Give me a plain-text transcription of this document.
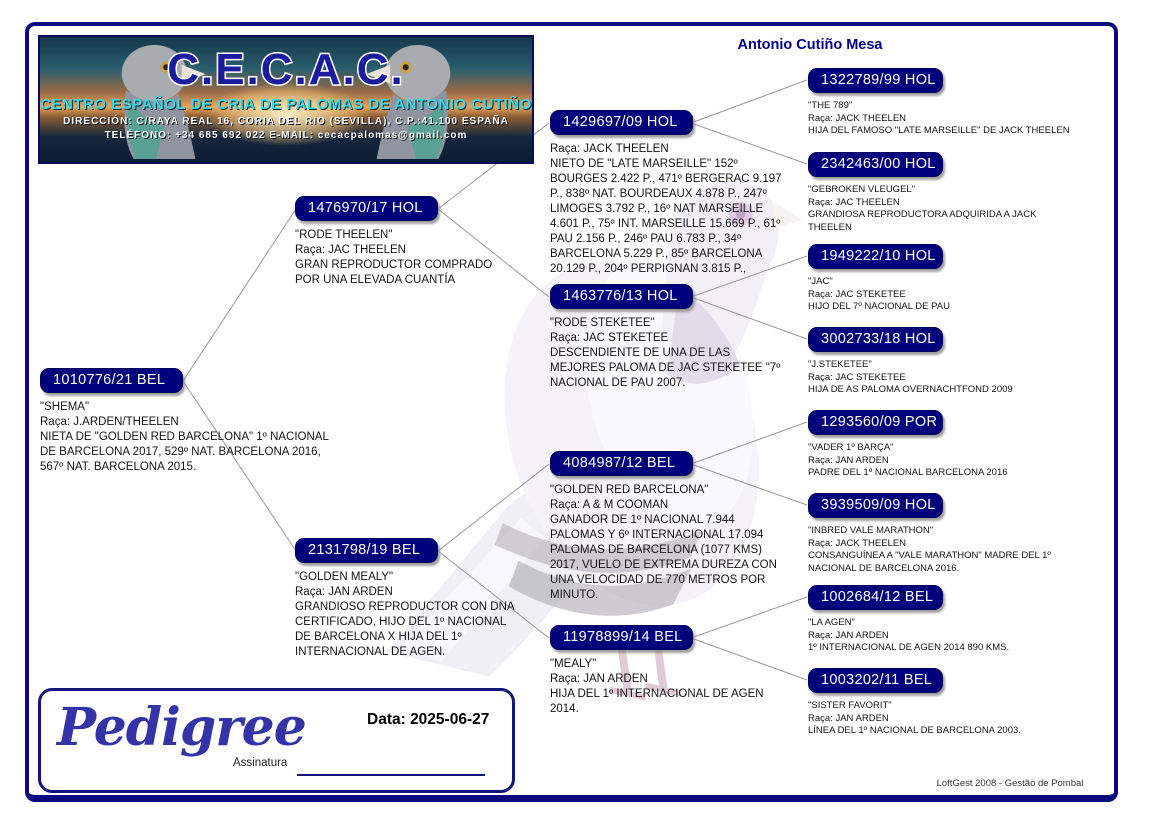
C.E.C.A.C.
CENTRO ESPAÑOL DE CRIA DE PALOMAS DE ANTONIO CUTIÑO
DIRECCIÓN: C/RAYA REAL 16, CORIA DEL RIO (SEVILLA), C.P.:41.100 ESPAÑA
TELÉFONO: +34 685 692 022 E-MAIL: cecacpalomas@gmail.com
Antonio Cutiño Mesa
1010776/21 BEL
"SHEMA"
Raça: J.ARDEN/THEELEN
NIETA DE "GOLDEN RED BARCELONA" 1º NACIONAL DE BARCELONA 2017, 529º NAT. BARCELONA 2016, 567º NAT. BARCELONA 2015.
1476970/17 HOL
"RODE THEELEN"
Raça: JAC THEELEN
GRAN REPRODUCTOR COMPRADO POR UNA ELEVADA CUANTÍA
2131798/19 BEL
"GOLDEN MEALY"
Raça: JAN ARDEN
GRANDIOSO REPRODUCTOR CON DNA CERTIFICADO, HIJO DEL 1º NACIONAL DE BARCELONA X HIJA DEL 1º INTERNACIONAL DE AGEN.
1429697/09 HOL
Raça: JACK THEELEN
NIETO DE "LATE MARSEILLE" 152º BOURGES 2.422 P., 471º BERGERAC 9.197 P., 838º NAT. BOURDEAUX 4.878 P., 247º LIMOGES 3.792 P., 16º NAT MARSEILLE 4.601 P., 75º INT. MARSEILLE 15.669 P., 61º PAU 2.156 P., 246º PAU 6.783 P., 34º BARCELONA 5.229 P., 85º BARCELONA 20.129 P., 204º PERPIGNAN 3.815 P.,
1463776/13 HOL
"RODE STEKETEE"
Raça: JAC STEKETEE
DESCENDIENTE DE UNA DE LAS MEJORES PALOMA DE JAC STEKETEE "7º NACIONAL DE PAU 2007.
4084987/12 BEL
"GOLDEN RED BARCELONA"
Raça: A & M COOMAN
GANADOR DE 1º NACIONAL 7.944 PALOMAS Y 6º INTERNACIONAL 17.094 PALOMAS DE BARCELONA (1077 KMS) 2017, VUELO DE EXTREMA DUREZA CON UNA VELOCIDAD DE 770 METROS POR MINUTO.
11978899/14 BEL
"MEALY"
Raça: JAN ARDEN
HIJA DEL 1º INTERNACIONAL DE AGEN 2014.
1322789/99 HOL
"THE 789"
Raça: JACK THEELEN
HIJA DEL FAMOSO "LATE MARSEILLE" DE JACK THEELEN
2342463/00 HOL
"GEBROKEN VLEUGEL"
Raça: JAC THEELEN
GRANDIOSA REPRODUCTORA ADQUIRIDA A JACK THEELEN
1949222/10 HOL
"JAC"
Raça: JAC STEKETEE
HIJO DEL 7º NACIONAL DE PAU
3002733/18 HOL
"J.STEKETEE"
Raça: JAC STEKETEE
HIJA DE AS PALOMA OVERNACHTFOND 2009
1293560/09 POR
"VADER 1º BARÇA"
Raça: JAN ARDEN
PADRE DEL 1º NACIONAL BARCELONA 2016
3939509/09 HOL
"INBRED VALE MARATHON"
Raça: JACK THEELEN
CONSANGUÍNEA A "VALE MARATHON" MADRE DEL 1º NACIONAL DE BARCELONA 2016.
1002684/12 BEL
"LA AGEN"
Raça: JAN ARDEN
1º INTERNACIONAL DE AGEN 2014 890 KMS.
1003202/11 BEL
"SISTER FAVORIT"
Raça: JAN ARDEN
LÍNEA DEL 1º NACIONAL DE BARCELONA 2003.
Pedigree	Data: 2025-06-27
Assinatura
LoftGest 2008 - Gestão de Pombal
